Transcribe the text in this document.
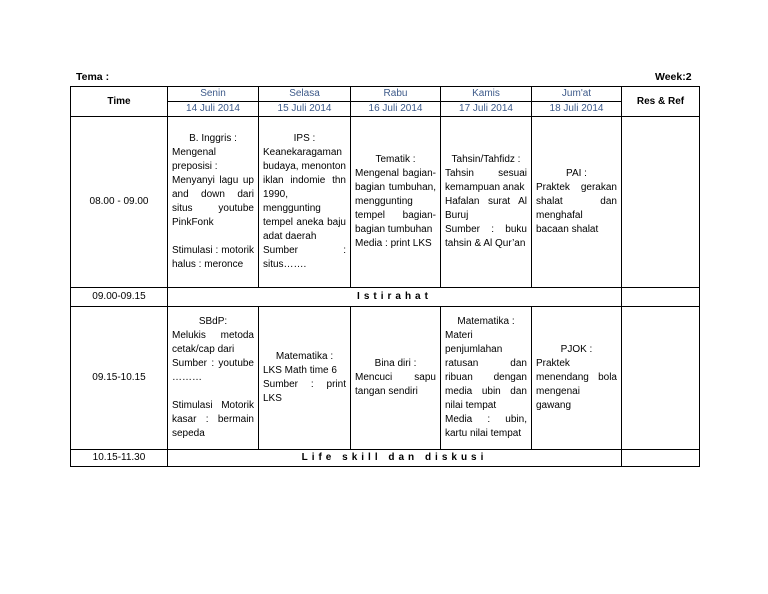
Tema :	Week:2
Time	Senin	Selasa	Rabu	Kamis	Jum'at	Res & Ref
	14 Juli 2014	15 Juli 2014	16 Juli 2014	17 Juli 2014	18 Juli 2014	
08.00 - 09.00	B. Inggris :
Mengenal preposisi :
Menyanyi lagu up and down dari situs youtube PinkFonk
Stimulasi : motorik halus : meronce	IPS :
Keanekaragaman budaya, menonton iklan indomie thn 1990, menggunting tempel aneka baju adat daerah
Sumber : situs…….	Tematik :
Mengenal bagian-bagian tumbuhan, menggunting tempel bagian-bagian tumbuhan
Media : print LKS	Tahsin/Tahfidz :
Tahsin sesuai kemampuan anak
Hafalan surat Al Buruj
Sumber : buku tahsin & Al Qur’an	PAI :
Praktek gerakan shalat dan menghafal bacaan shalat	

09.00-09.15	Istirahat					
09.15-10.15	SBdP:
Melukis metoda cetak/cap dari
Sumber : youtube ………
Stimulasi Motorik kasar : bermain sepeda	Matematika :
LKS Math time 6
Sumber : print LKS	Bina diri :
Mencuci sapu tangan sendiri	Matematika :
Materi penjumlahan ratusan dan ribuan dengan media ubin dan nilai tempat
Media : ubin, kartu nilai tempat	PJOK :
Praktek menendang bola mengenai gawang	

10.15-11.30	Life skill dan diskusi					
